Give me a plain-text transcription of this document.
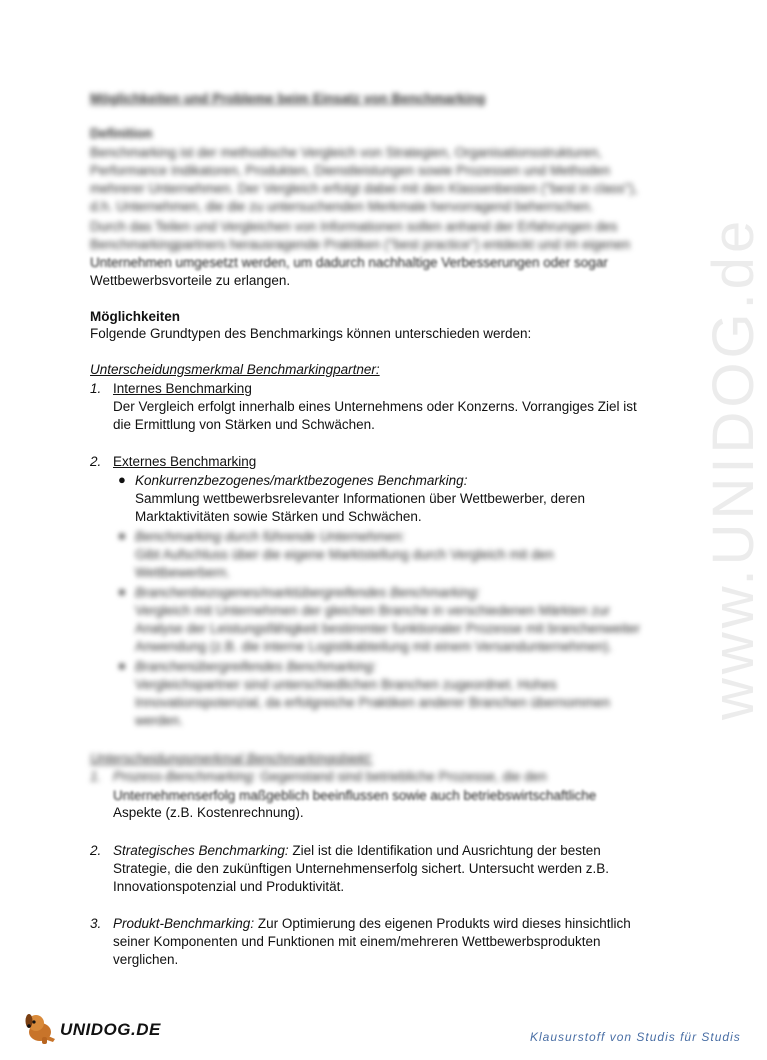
www.UNIDOG.de
Möglichkeiten und Probleme beim Einsatz von Benchmarking
Definition
Benchmarking ist der methodische Vergleich von Strategien, Organisationsstrukturen,
Performance Indikatoren, Produkten, Dienstleistungen sowie Prozessen und Methoden
mehrerer Unternehmen. Der Vergleich erfolgt dabei mit den Klassenbesten ("best in class"),
d.h. Unternehmen, die die zu untersuchenden Merkmale hervorragend beherrschen.
Durch das Teilen und Vergleichen von Informationen sollen anhand der Erfahrungen des
Benchmarkingpartners herausragende Praktiken ("best practice") entdeckt und im eigenen
Unternehmen umgesetzt werden, um dadurch nachhaltige Verbesserungen oder sogar
Wettbewerbsvorteile zu erlangen.
Möglichkeiten
Folgende Grundtypen des Benchmarkings können unterschieden werden:
Unterscheidungsmerkmal Benchmarkingpartner:
1. Internes Benchmarking
Der Vergleich erfolgt innerhalb eines Unternehmens oder Konzerns. Vorrangiges Ziel ist
die Ermittlung von Stärken und Schwächen.
2. Externes Benchmarking
● Konkurrenzbezogenes/marktbezogenes Benchmarking:
Sammlung wettbewerbsrelevanter Informationen über Wettbewerber, deren
Marktaktivitäten sowie Stärken und Schwächen.
● Benchmarking durch führende Unternehmen:
Gibt Aufschluss über die eigene Marktstellung durch Vergleich mit den
Wettbewerbern.
● Branchenbezogenes/marktübergreifendes Benchmarking:
Vergleich mit Unternehmen der gleichen Branche in verschiedenen Märkten zur
Analyse der Leistungsfähigkeit bestimmter funktionaler Prozesse mit branchenweiter
Anwendung (z.B. die interne Logistikabteilung mit einem Versandunternehmen).
● Branchenübergreifendes Benchmarking:
Vergleichspartner sind unterschiedlichen Branchen zugeordnet. Hohes
Innovationspotenzial, da erfolgreiche Praktiken anderer Branchen übernommen
werden.
Unterscheidungsmerkmal Benchmarkingobjekt:
1. Prozess-Benchmarking: Gegenstand sind betriebliche Prozesse, die den
Unternehmenserfolg maßgeblich beeinflussen sowie auch betriebswirtschaftliche
Aspekte (z.B. Kostenrechnung).
2. Strategisches Benchmarking: Ziel ist die Identifikation und Ausrichtung der besten
Strategie, die den zukünftigen Unternehmenserfolg sichert. Untersucht werden z.B.
Innovationspotenzial und Produktivität.
3. Produkt-Benchmarking: Zur Optimierung des eigenen Produkts wird dieses hinsichtlich
seiner Komponenten und Funktionen mit einem/mehreren Wettbewerbsprodukten
verglichen.
UNIDOG.DE	Klausurstoff von Studis für Studis
